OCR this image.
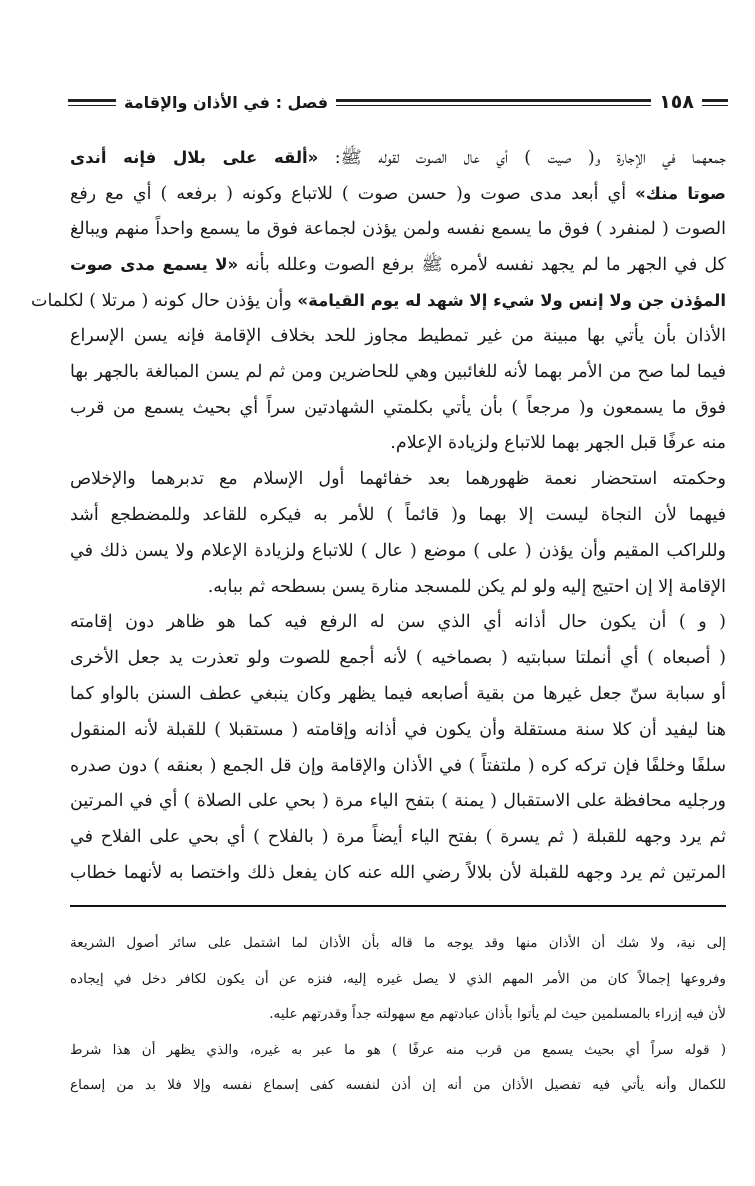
١٥٨
فصل : في الأذان والإقامة
جمعهما في الإجارة و( صيت ) أي عال الصوت لقوله ﷺ: «ألقه على بلال فإنه أندى
صوتا منك» أي أبعد مدى صوت و( حسن صوت ) للاتباع وكونه ( برفعه ) أي مع رفع
الصوت ( لمنفرد ) فوق ما يسمع نفسه ولمن يؤذن لجماعة فوق ما يسمع واحداً منهم ويبالغ
كل في الجهر ما لم يجهد نفسه لأمره ﷺ برفع الصوت وعلله بأنه «لا يسمع مدى صوت
المؤذن جن ولا إنس ولا شيء إلا شهد له يوم القيامة» وأن يؤذن حال كونه ( مرتلا ) لكلمات
الأذان بأن يأتي بها مبينة من غير تمطيط مجاوز للحد بخلاف الإقامة فإنه يسن الإسراع
فيما لما صح من الأمر بهما لأنه للغائبين وهي للحاضرين ومن ثم لم يسن المبالغة بالجهر بها
فوق ما يسمعون و( مرجعاً ) بأن يأتي بكلمتي الشهادتين سراً أي بحيث يسمع من قرب
منه عرفًا قبل الجهر بهما للاتباع ولزيادة الإعلام.
وحكمته استحضار نعمة ظهورهما بعد خفائهما أول الإسلام مع تدبرهما والإخلاص
فيهما لأن النجاة ليست إلا بهما و( قائماً ) للأمر به فيكره للقاعد وللمضطجع أشد
وللراكب المقيم وأن يؤذن ( على ) موضع ( عال ) للاتباع ولزيادة الإعلام ولا يسن ذلك في
الإقامة إلا إن احتيج إليه ولو لم يكن للمسجد منارة يسن بسطحه ثم ببابه.
( و ) أن يكون حال أذانه أي الذي سن له الرفع فيه كما هو ظاهر دون إقامته
( أصبعاه ) أي أنملتا سبابتيه ( بصماخيه ) لأنه أجمع للصوت ولو تعذرت يد جعل الأخرى
أو سبابة سنّ جعل غيرها من بقية أصابعه فيما يظهر وكان ينبغي عطف السنن بالواو كما
هنا ليفيد أن كلا سنة مستقلة وأن يكون في أذانه وإقامته ( مستقبلا ) للقبلة لأنه المنقول
سلفًا وخلفًا فإن تركه كره ( ملتفتاً ) في الأذان والإقامة وإن قل الجمع ( بعنقه ) دون صدره
ورجليه محافظة على الاستقبال ( يمنة ) بتفح الياء مرة ( بحي على الصلاة ) أي في المرتين
ثم يرد وجهه للقبلة ( ثم يسرة ) بفتح الياء أيضاً مرة ( بالفلاح ) أي بحي على الفلاح في
المرتين ثم يرد وجهه للقبلة لأن بلالاً رضي الله عنه كان يفعل ذلك واختصا به لأنهما خطاب
إلى نية، ولا شك أن الأذان منها وقد يوجه ما قاله بأن الأذان لما اشتمل على سائر أصول الشريعة
وفروعها إجمالاً كان من الأمر المهم الذي لا يصل غيره إليه، فنزه عن أن يكون لكافر دخل في إيجاده
لأن فيه إزراء بالمسلمين حيث لم يأتوا بأذان عبادتهم مع سهولته جداً وقدرتهم عليه.
( قوله سراً أي بحيث يسمع من قرب منه عرفًا ) هو ما عبر به غيره، والذي يظهر أن هذا شرط
للكمال وأنه يأتي فيه تفصيل الأذان من أنه إن أذن لنفسه كفى إسماع نفسه وإلا فلا بد من إسماع
